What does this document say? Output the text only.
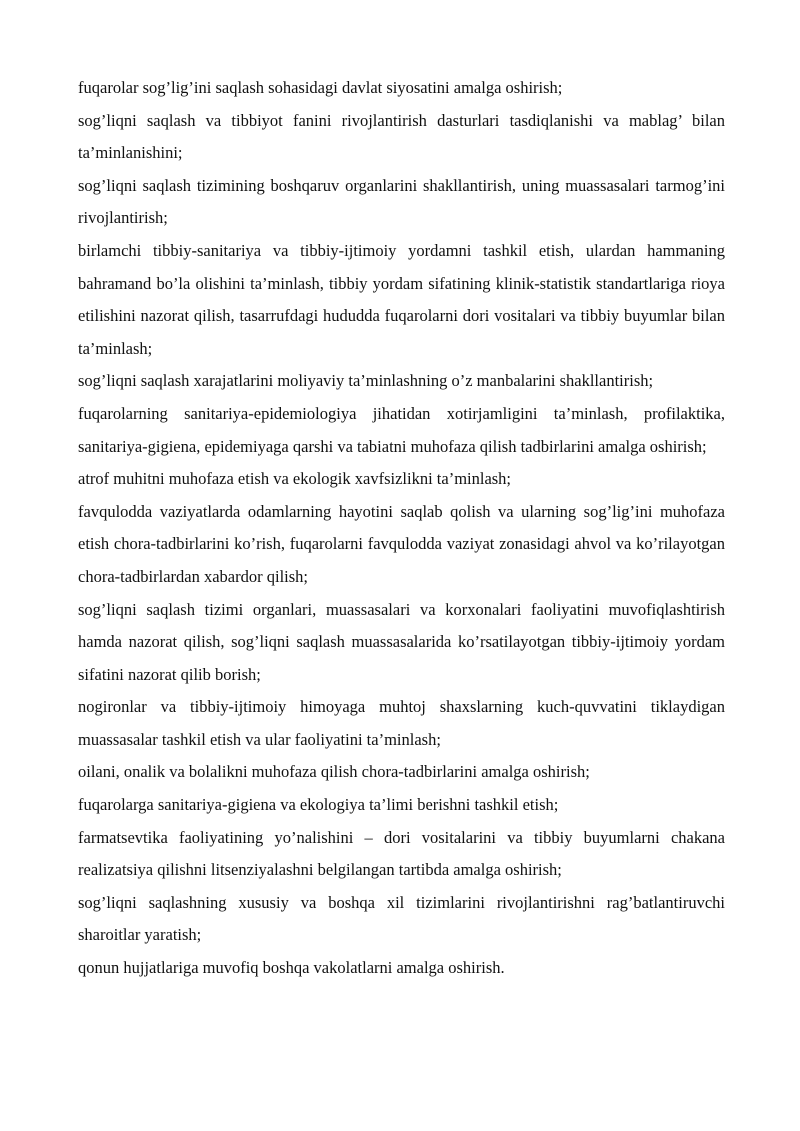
fuqarolar sog’lig’ini saqlash sohasidagi davlat siyosatini amalga oshirish;

sog’liqni saqlash va tibbiyot fanini rivojlantirish dasturlari tasdiqlanishi va mablag’ bilan ta’minlanishini;

sog’liqni saqlash tizimining boshqaruv organlarini shakllantirish, uning muassasalari tarmog’ini rivojlantirish;

birlamchi tibbiy-sanitariya va tibbiy-ijtimoiy yordamni tashkil etish, ulardan hammaning bahramand bo’la olishini ta’minlash, tibbiy yordam sifatining klinik-statistik standartlariga rioya etilishini nazorat qilish, tasarrufdagi hududda fuqarolarni dori vositalari va tibbiy buyumlar bilan ta’minlash;

sog’liqni saqlash xarajatlarini moliyaviy ta’minlashning o’z manbalarini shakllantirish;

fuqarolarning sanitariya-epidemiologiya jihatidan xotirjamligini ta’minlash, profilaktika, sanitariya-gigiena, epidemiyaga qarshi va tabiatni muhofaza qilish tadbirlarini amalga oshirish;

atrof muhitni muhofaza etish va ekologik xavfsizlikni ta’minlash;

favqulodda vaziyatlarda odamlarning hayotini saqlab qolish va ularning sog’lig’ini muhofaza etish chora-tadbirlarini ko’rish, fuqarolarni favqulodda vaziyat zonasidagi ahvol va ko’rilayotgan chora-tadbirlardan xabardor qilish;

sog’liqni saqlash tizimi organlari, muassasalari va korxonalari faoliyatini muvofiqlashtirish hamda nazorat qilish, sog’liqni saqlash muassasalarida ko’rsatilayotgan tibbiy-ijtimoiy yordam sifatini nazorat qilib borish;

nogironlar va tibbiy-ijtimoiy himoyaga muhtoj shaxslarning kuch-quvvatini tiklaydigan muassasalar tashkil etish va ular faoliyatini ta’minlash;

oilani, onalik va bolalikni muhofaza qilish chora-tadbirlarini amalga oshirish;

fuqarolarga sanitariya-gigiena va ekologiya ta’limi berishni tashkil etish;

farmatsevtika faoliyatining yo’nalishini – dori vositalarini va tibbiy buyumlarni chakana realizatsiya qilishni litsenziyalashni belgilangan tartibda amalga oshirish;

sog’liqni saqlashning xususiy va boshqa xil tizimlarini rivojlantirishni rag’batlantiruvchi sharoitlar yaratish;

qonun hujjatlariga muvofiq boshqa vakolatlarni amalga oshirish.
